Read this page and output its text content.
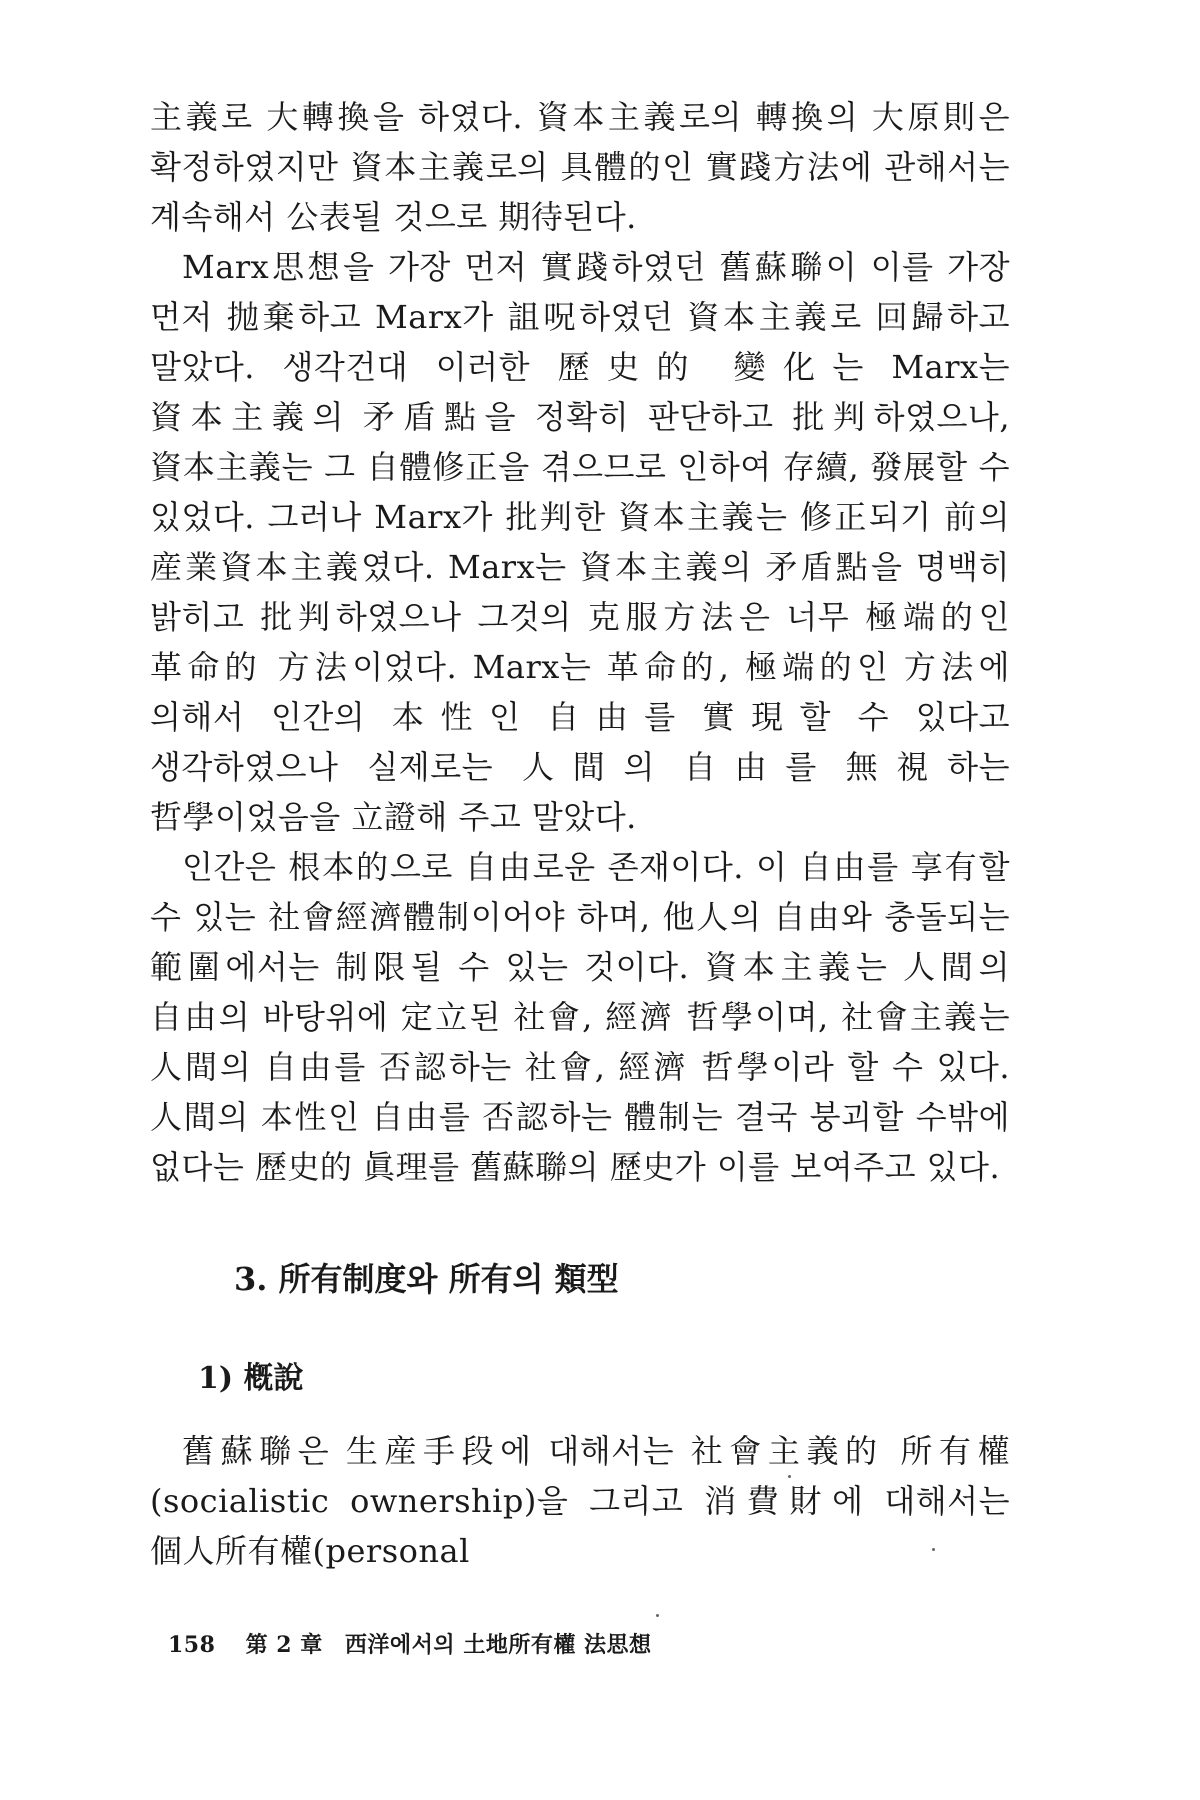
主義로 大轉換을 하였다. 資本主義로의 轉換의 大原則은 확정하였지만 資本主義로의 具體的인 實踐方法에 관해서는 계속해서 公表될 것으로 期待된다.

Marx思想을 가장 먼저 實踐하였던 舊蘇聯이 이를 가장 먼저 抛棄하고 Marx가 詛呪하였던 資本主義로 回歸하고 말았다. 생각건대 이러한 歷史的 變化는 Marx는 資本主義의 矛盾點을 정확히 판단하고 批判하였으나, 資本主義는 그 自體修正을 겪으므로 인하여 存續, 發展할 수 있었다. 그러나 Marx가 批判한 資本主義는 修正되기 前의 産業資本主義였다. Marx는 資本主義의 矛盾點을 명백히 밝히고 批判하였으나 그것의 克服方法은 너무 極端的인 革命的 方法이었다. Marx는 革命的, 極端的인 方法에 의해서 인간의 本性인 自由를 實現할 수 있다고 생각하였으나 실제로는 人間의 自由를 無視하는 哲學이었음을 立證해 주고 말았다.

인간은 根本的으로 自由로운 존재이다. 이 自由를 享有할 수 있는 社會經濟體制이어야 하며, 他人의 自由와 충돌되는 範圍에서는 制限될 수 있는 것이다. 資本主義는 人間의 自由의 바탕위에 定立된 社會, 經濟 哲學이며, 社會主義는 人間의 自由를 否認하는 社會, 經濟 哲學이라 할 수 있다. 人間의 本性인 自由를 否認하는 體制는 결국 붕괴할 수밖에 없다는 歷史的 眞理를 舊蘇聯의 歷史가 이를 보여주고 있다.

3. 所有制度와 所有의 類型
1) 槪說

舊蘇聯은 生産手段에 대해서는 社會主義的 所有權(socialistic ownership)을 그리고 消費財에 대해서는 個人所有權(personal

158 第 2 章 西洋에서의 土地所有權 法思想
